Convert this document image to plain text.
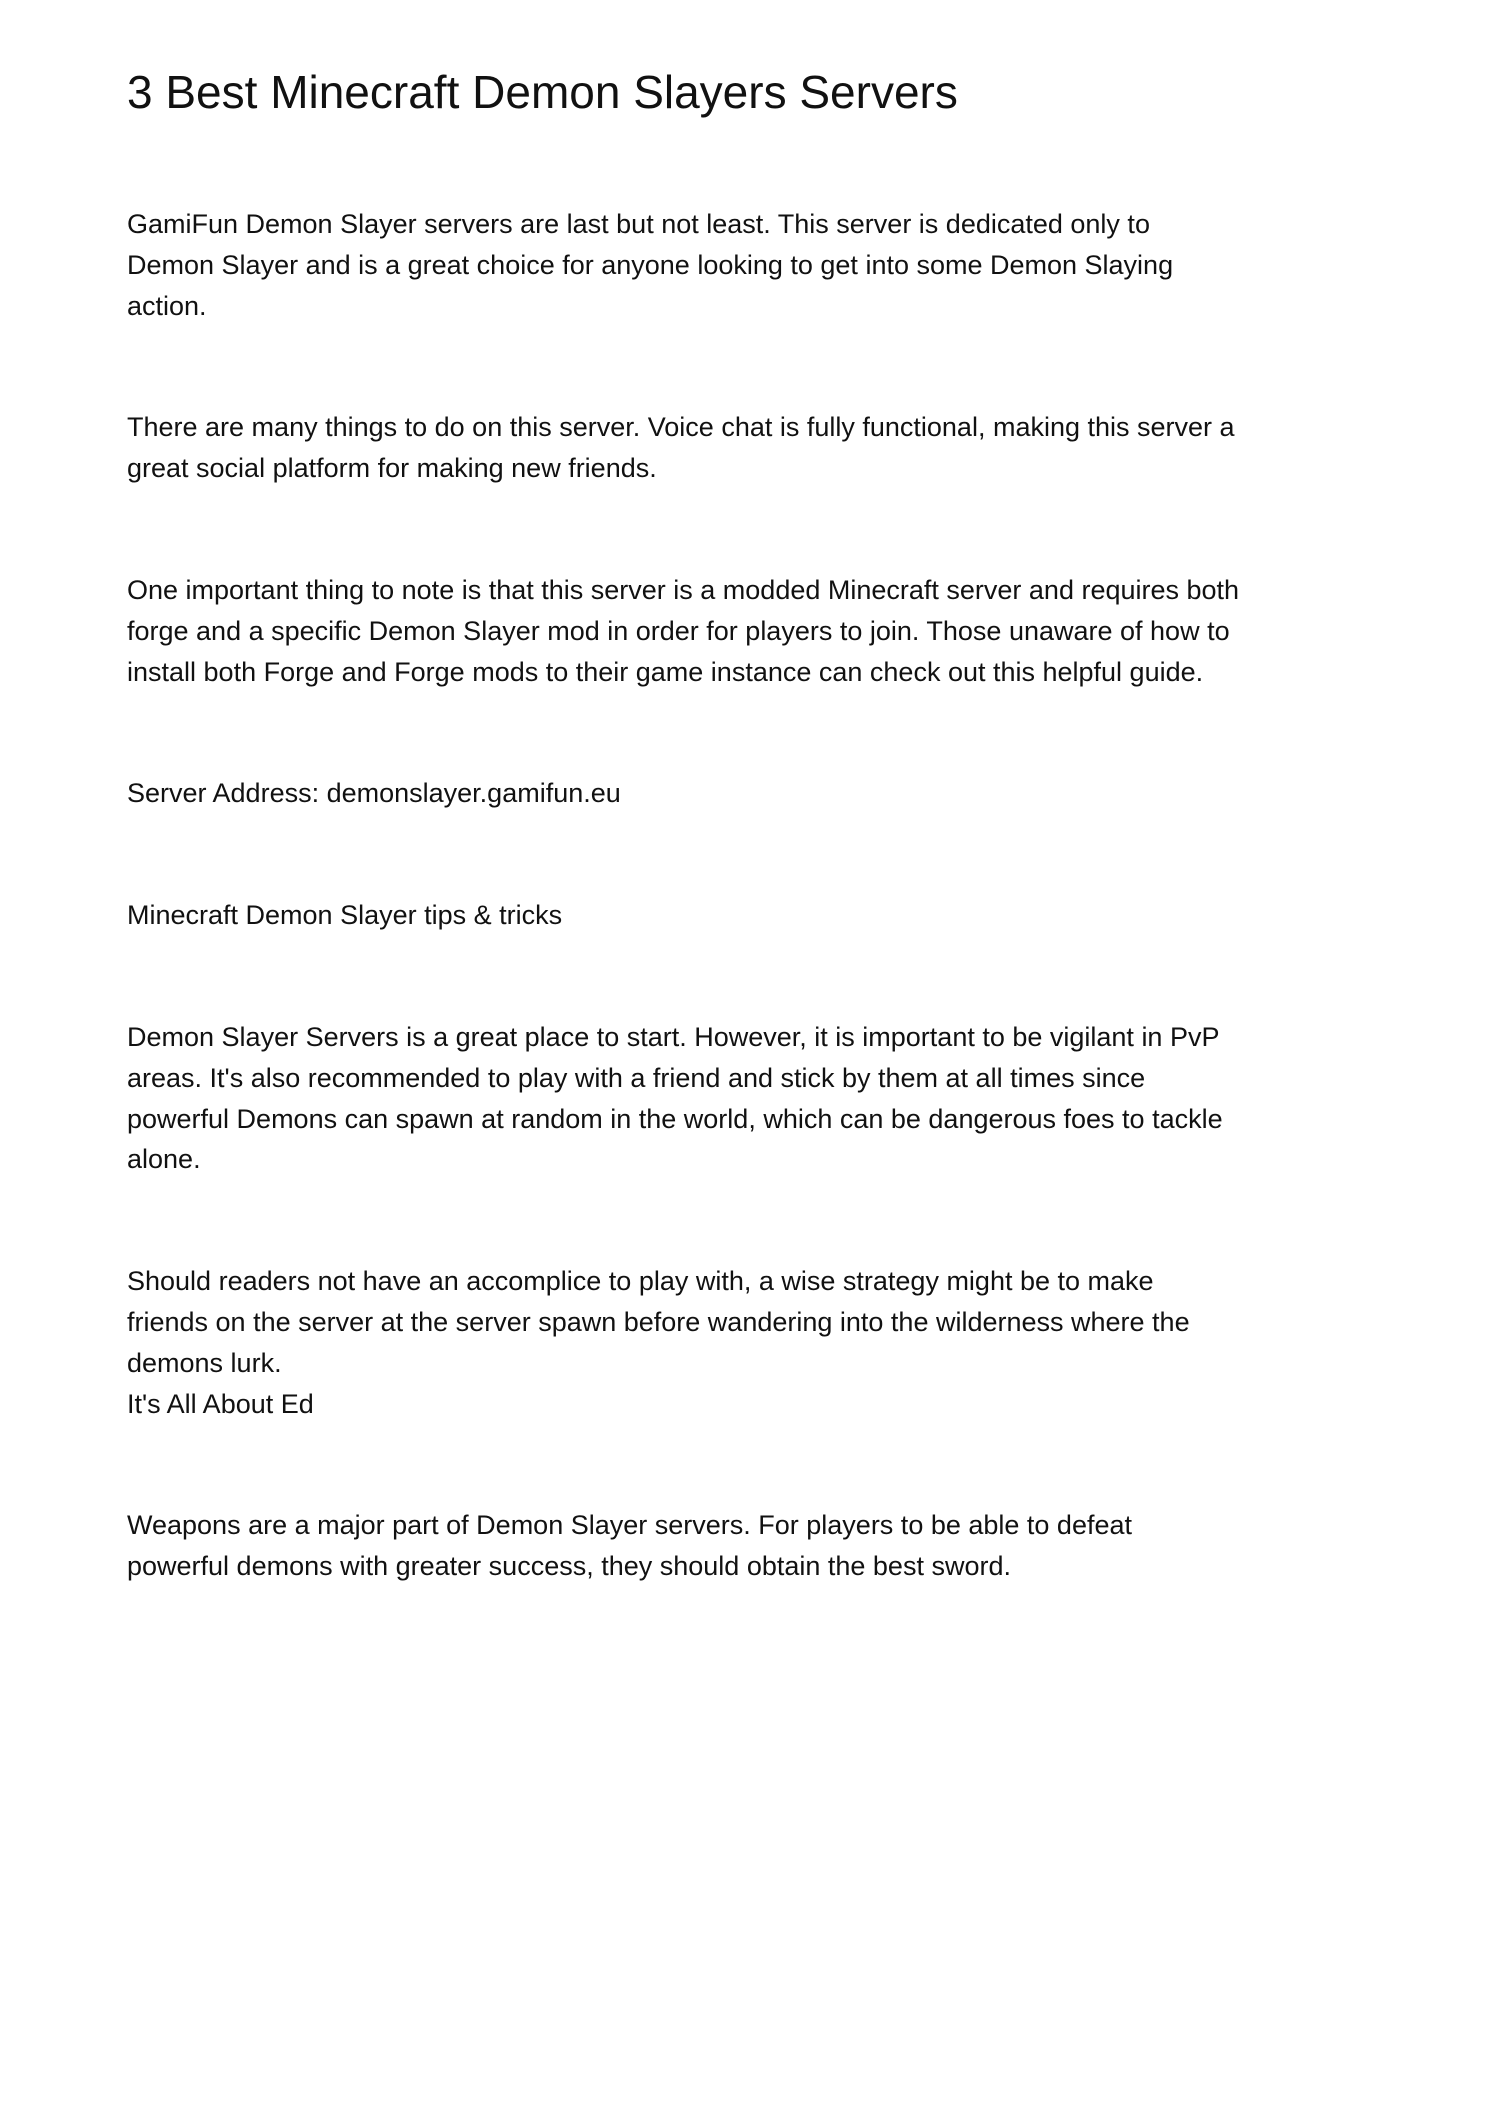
3 Best Minecraft Demon Slayers Servers

GamiFun Demon Slayer servers are last but not least. This server is dedicated only to
Demon Slayer and is a great choice for anyone looking to get into some Demon Slaying
action.

There are many things to do on this server. Voice chat is fully functional, making this server a
great social platform for making new friends.

One important thing to note is that this server is a modded Minecraft server and requires both
forge and a specific Demon Slayer mod in order for players to join. Those unaware of how to
install both Forge and Forge mods to their game instance can check out this helpful guide.

Server Address: demonslayer.gamifun.eu

Minecraft Demon Slayer tips & tricks

Demon Slayer Servers is a great place to start. However, it is important to be vigilant in PvP
areas. It's also recommended to play with a friend and stick by them at all times since
powerful Demons can spawn at random in the world, which can be dangerous foes to tackle
alone.

Should readers not have an accomplice to play with, a wise strategy might be to make
friends on the server at the server spawn before wandering into the wilderness where the
demons lurk.
It's All About Ed

Weapons are a major part of Demon Slayer servers. For players to be able to defeat
powerful demons with greater success, they should obtain the best sword.
